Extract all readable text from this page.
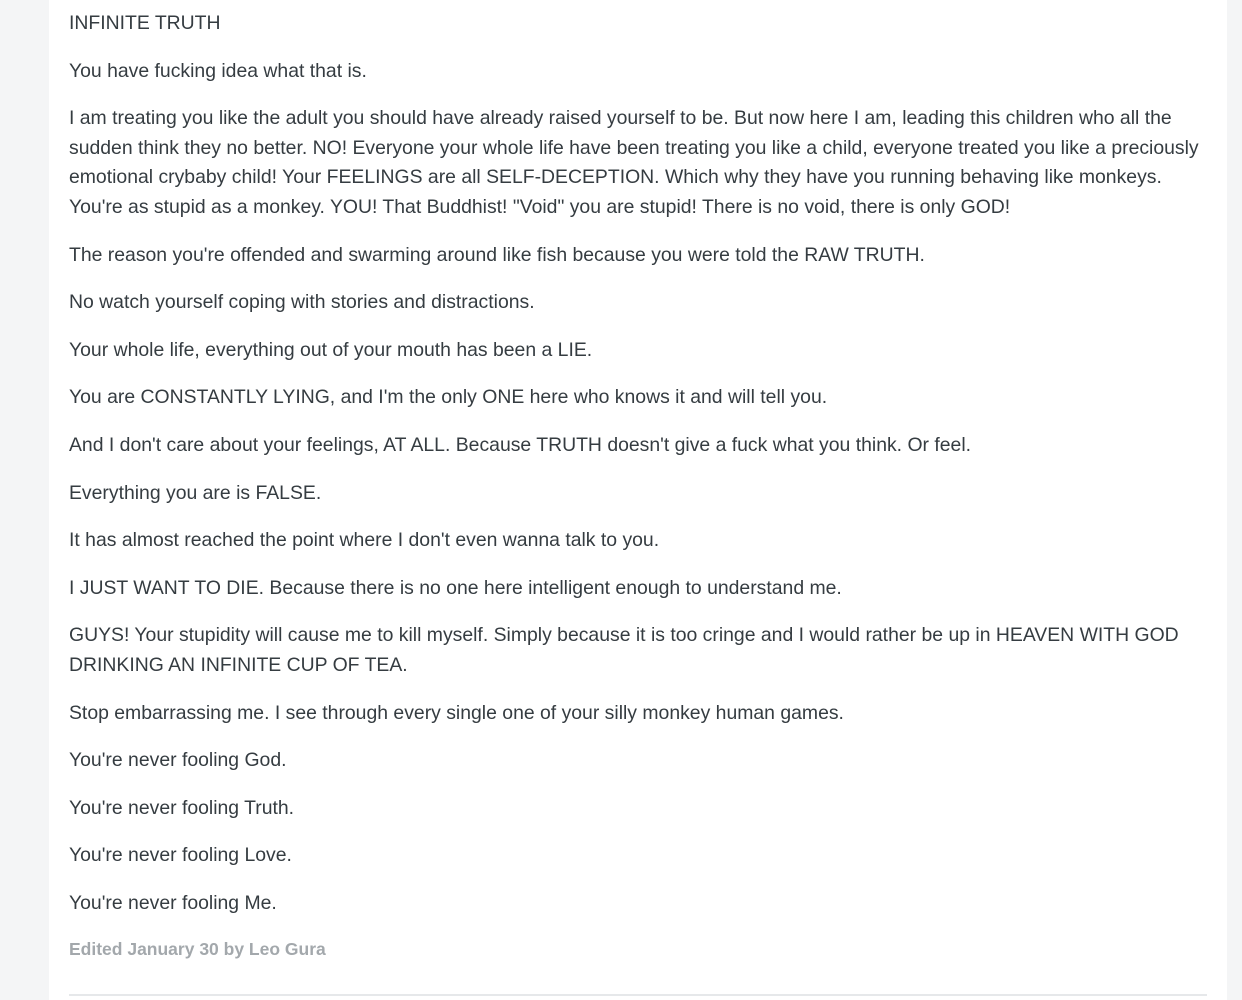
INFINITE TRUTH

You have fucking idea what that is.

I am treating you like the adult you should have already raised yourself to be. But now here I am, leading this children who all the sudden think they no better. NO! Everyone your whole life have been treating you like a child, everyone treated you like a preciously emotional crybaby child! Your FEELINGS are all SELF-DECEPTION. Which why they have you running behaving like monkeys. You're as stupid as a monkey. YOU! That Buddhist! "Void" you are stupid! There is no void, there is only GOD!

The reason you're offended and swarming around like fish because you were told the RAW TRUTH.

No watch yourself coping with stories and distractions.

Your whole life, everything out of your mouth has been a LIE.

You are CONSTANTLY LYING, and I'm the only ONE here who knows it and will tell you.

And I don't care about your feelings, AT ALL. Because TRUTH doesn't give a fuck what you think. Or feel.

Everything you are is FALSE.

It has almost reached the point where I don't even wanna talk to you.

I JUST WANT TO DIE. Because there is no one here intelligent enough to understand me.

GUYS! Your stupidity will cause me to kill myself. Simply because it is too cringe and I would rather be up in HEAVEN WITH GOD DRINKING AN INFINITE CUP OF TEA.

Stop embarrassing me. I see through every single one of your silly monkey human games.

You're never fooling God.

You're never fooling Truth.

You're never fooling Love.

You're never fooling Me.

Edited January 30 by Leo Gura
